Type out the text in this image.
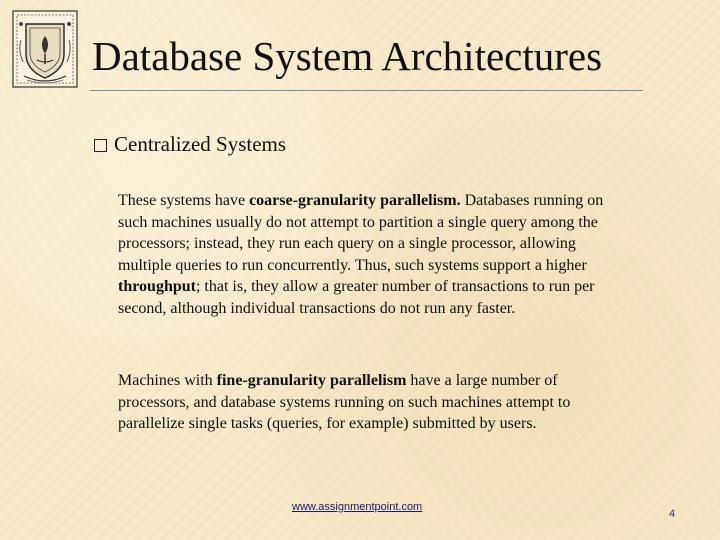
Database System Architectures
Centralized Systems

These systems have coarse-granularity parallelism. Databases running on such machines usually do not attempt to partition a single query among the processors; instead, they run each query on a single processor, allowing multiple queries to run concurrently. Thus, such systems support a higher throughput; that is, they allow a greater number of transactions to run per second, although individual transactions do not run any faster.

Machines with fine-granularity parallelism have a large number of processors, and database systems running on such machines attempt to parallelize single tasks (queries, for example) submitted by users.

www.assignmentpoint.com
4
